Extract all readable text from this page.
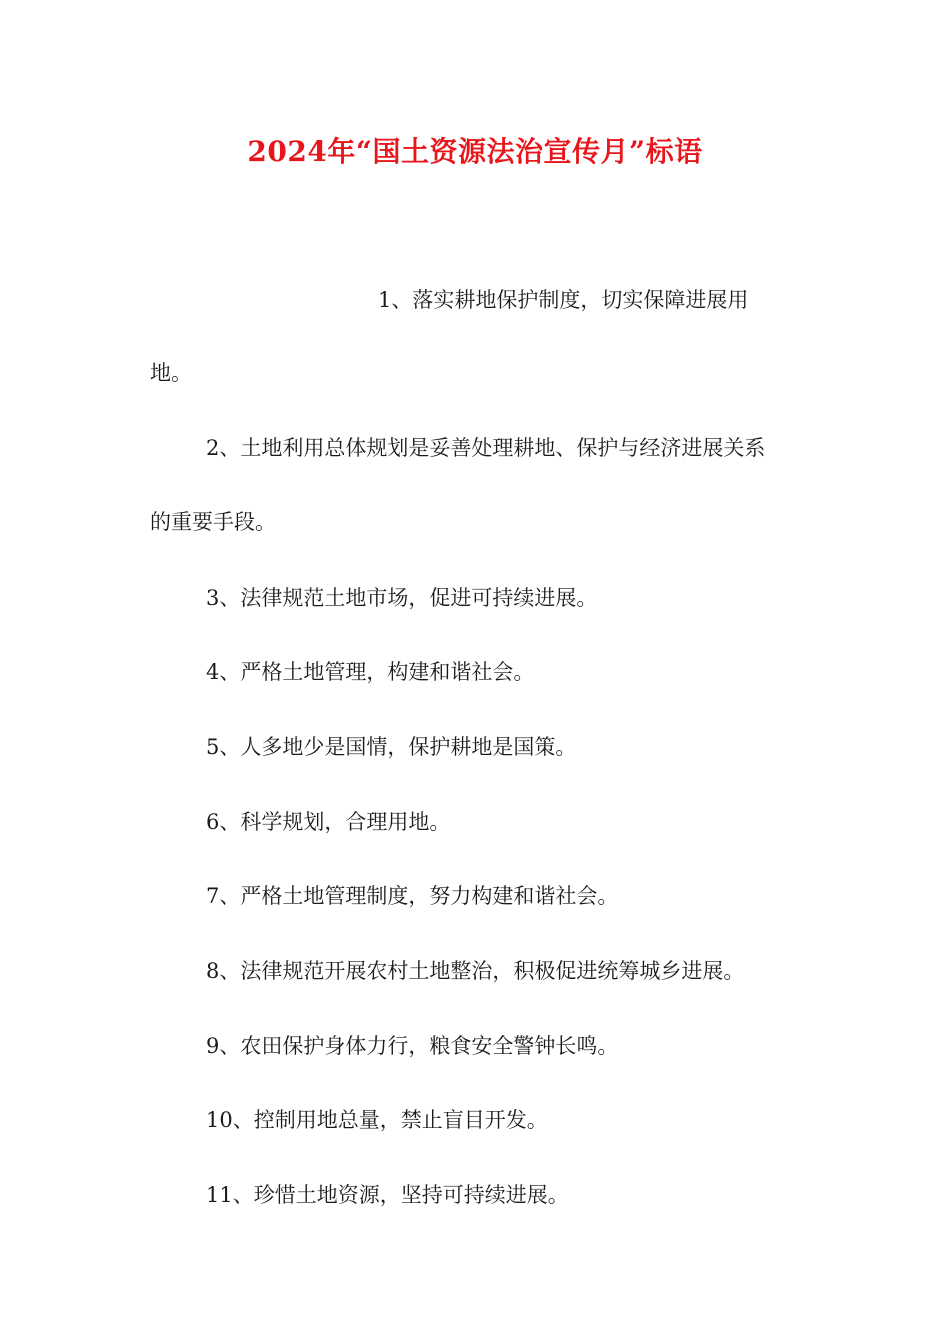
2024年“国土资源法治宣传月”标语
1、落实耕地保护制度，切实保障进展用
地。
2、土地利用总体规划是妥善处理耕地、保护与经济进展关系
的重要手段。
3、法律规范土地市场，促进可持续进展。
4、严格土地管理，构建和谐社会。
5、人多地少是国情，保护耕地是国策。
6、科学规划，合理用地。
7、严格土地管理制度，努力构建和谐社会。
8、法律规范开展农村土地整治，积极促进统筹城乡进展。
9、农田保护身体力行，粮食安全警钟长鸣。
10、控制用地总量，禁止盲目开发。
11、珍惜土地资源，坚持可持续进展。
